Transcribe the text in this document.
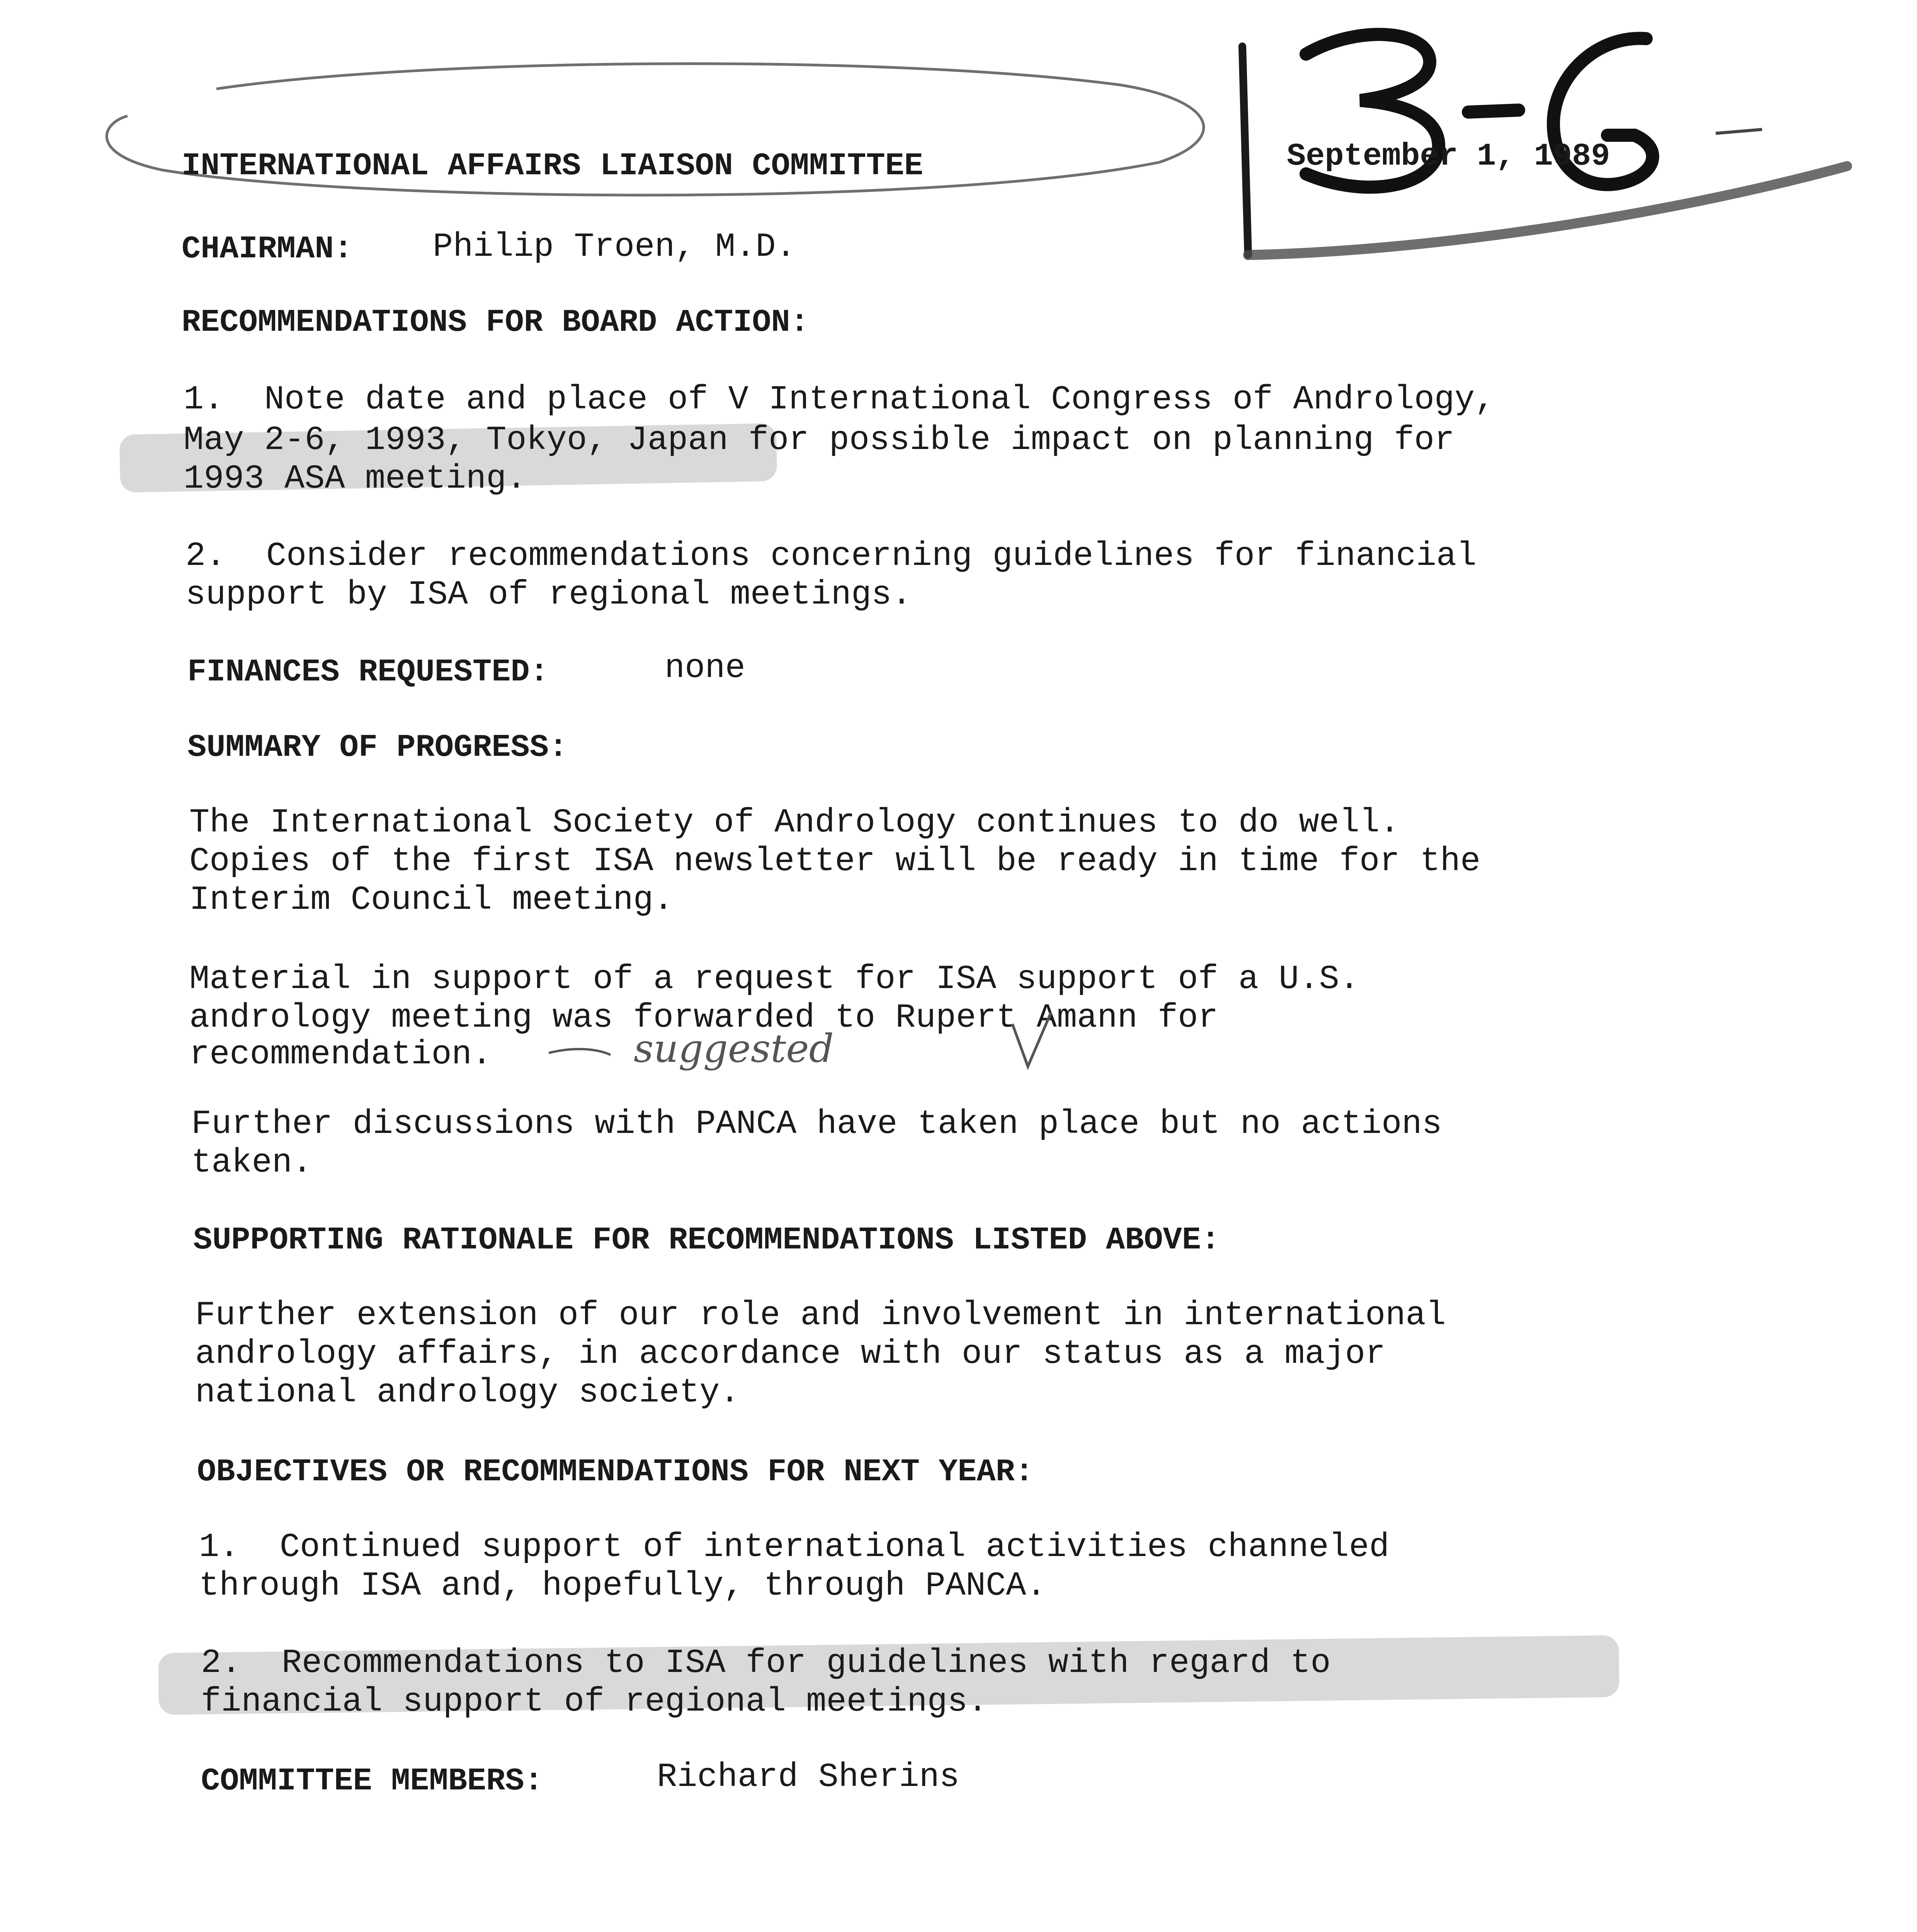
INTERNATIONAL AFFAIRS LIAISON COMMITTEE	September 1, 1989
CHAIRMAN: Philip Troen, M.D.
RECOMMENDATIONS FOR BOARD ACTION:
1.  Note date and place of V International Congress of Andrology,
May 2-6, 1993, Tokyo, Japan for possible impact on planning for
1993 ASA meeting.
2.  Consider recommendations concerning guidelines for financial
support by ISA of regional meetings.
FINANCES REQUESTED:	none
SUMMARY OF PROGRESS:
The International Society of Andrology continues to do well.
Copies of the first ISA newsletter will be ready in time for the
Interim Council meeting.
Material in support of a request for ISA support of a U.S.
andrology meeting was forwarded to Rupert Amann for
recommendation.	suggested
Further discussions with PANCA have taken place but no actions
taken.
SUPPORTING RATIONALE FOR RECOMMENDATIONS LISTED ABOVE:
Further extension of our role and involvement in international
andrology affairs, in accordance with our status as a major
national andrology society.
OBJECTIVES OR RECOMMENDATIONS FOR NEXT YEAR:
1.  Continued support of international activities channeled
through ISA and, hopefully, through PANCA.
2.  Recommendations to ISA for guidelines with regard to
financial support of regional meetings.
COMMITTEE MEMBERS:	Richard Sherins
